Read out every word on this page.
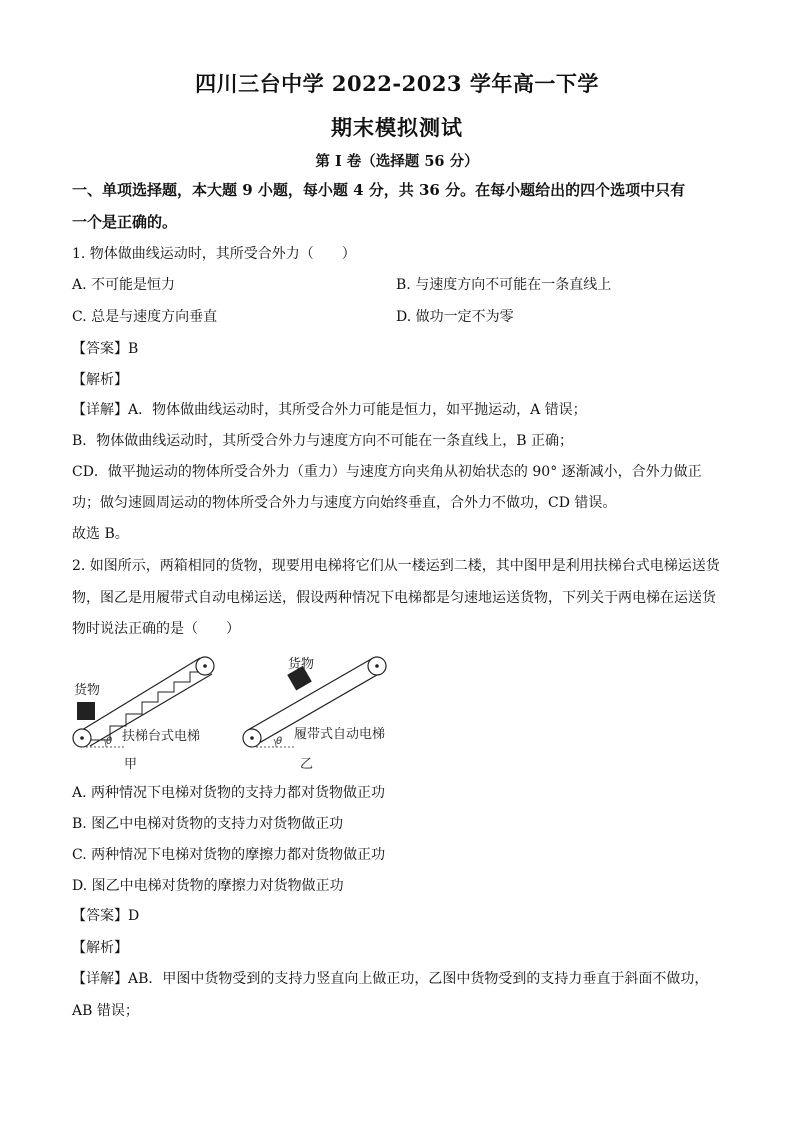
四川三台中学 2022-2023 学年高一下学
期末模拟测试
第 I 卷（选择题 56 分）
一、单项选择题，本大题 9 小题，每小题 4 分，共 36 分。在每小题给出的四个选项中只有
一个是正确的。
1. 物体做曲线运动时，其所受合外力（　　）
A. 不可能是恒力	B. 与速度方向不可能在一条直线上
C. 总是与速度方向垂直	D. 做功一定不为零
【答案】B
【解析】
【详解】A．物体做曲线运动时，其所受合外力可能是恒力，如平抛运动，A 错误；
B．物体做曲线运动时，其所受合外力与速度方向不可能在一条直线上，B 正确；
CD．做平抛运动的物体所受合外力（重力）与速度方向夹角从初始状态的 90° 逐渐减小，合外力做正
功；做匀速圆周运动的物体所受合外力与速度方向始终垂直，合外力不做功，CD 错误。
故选 B。
2. 如图所示，两箱相同的货物，现要用电梯将它们从一楼运到二楼，其中图甲是利用扶梯台式电梯运送货
物，图乙是用履带式自动电梯运送，假设两种情况下电梯都是匀速地运送货物，下列关于两电梯在运送货
物时说法正确的是（　　）
θ
货物
扶梯台式电梯
甲
θ
货物
履带式自动电梯
乙
A. 两种情况下电梯对货物的支持力都对货物做正功
B. 图乙中电梯对货物的支持力对货物做正功
C. 两种情况下电梯对货物的摩擦力都对货物做正功
D. 图乙中电梯对货物的摩擦力对货物做正功
【答案】D
【解析】
【详解】AB．甲图中货物受到的支持力竖直向上做正功，乙图中货物受到的支持力垂直于斜面不做功，
AB 错误；
